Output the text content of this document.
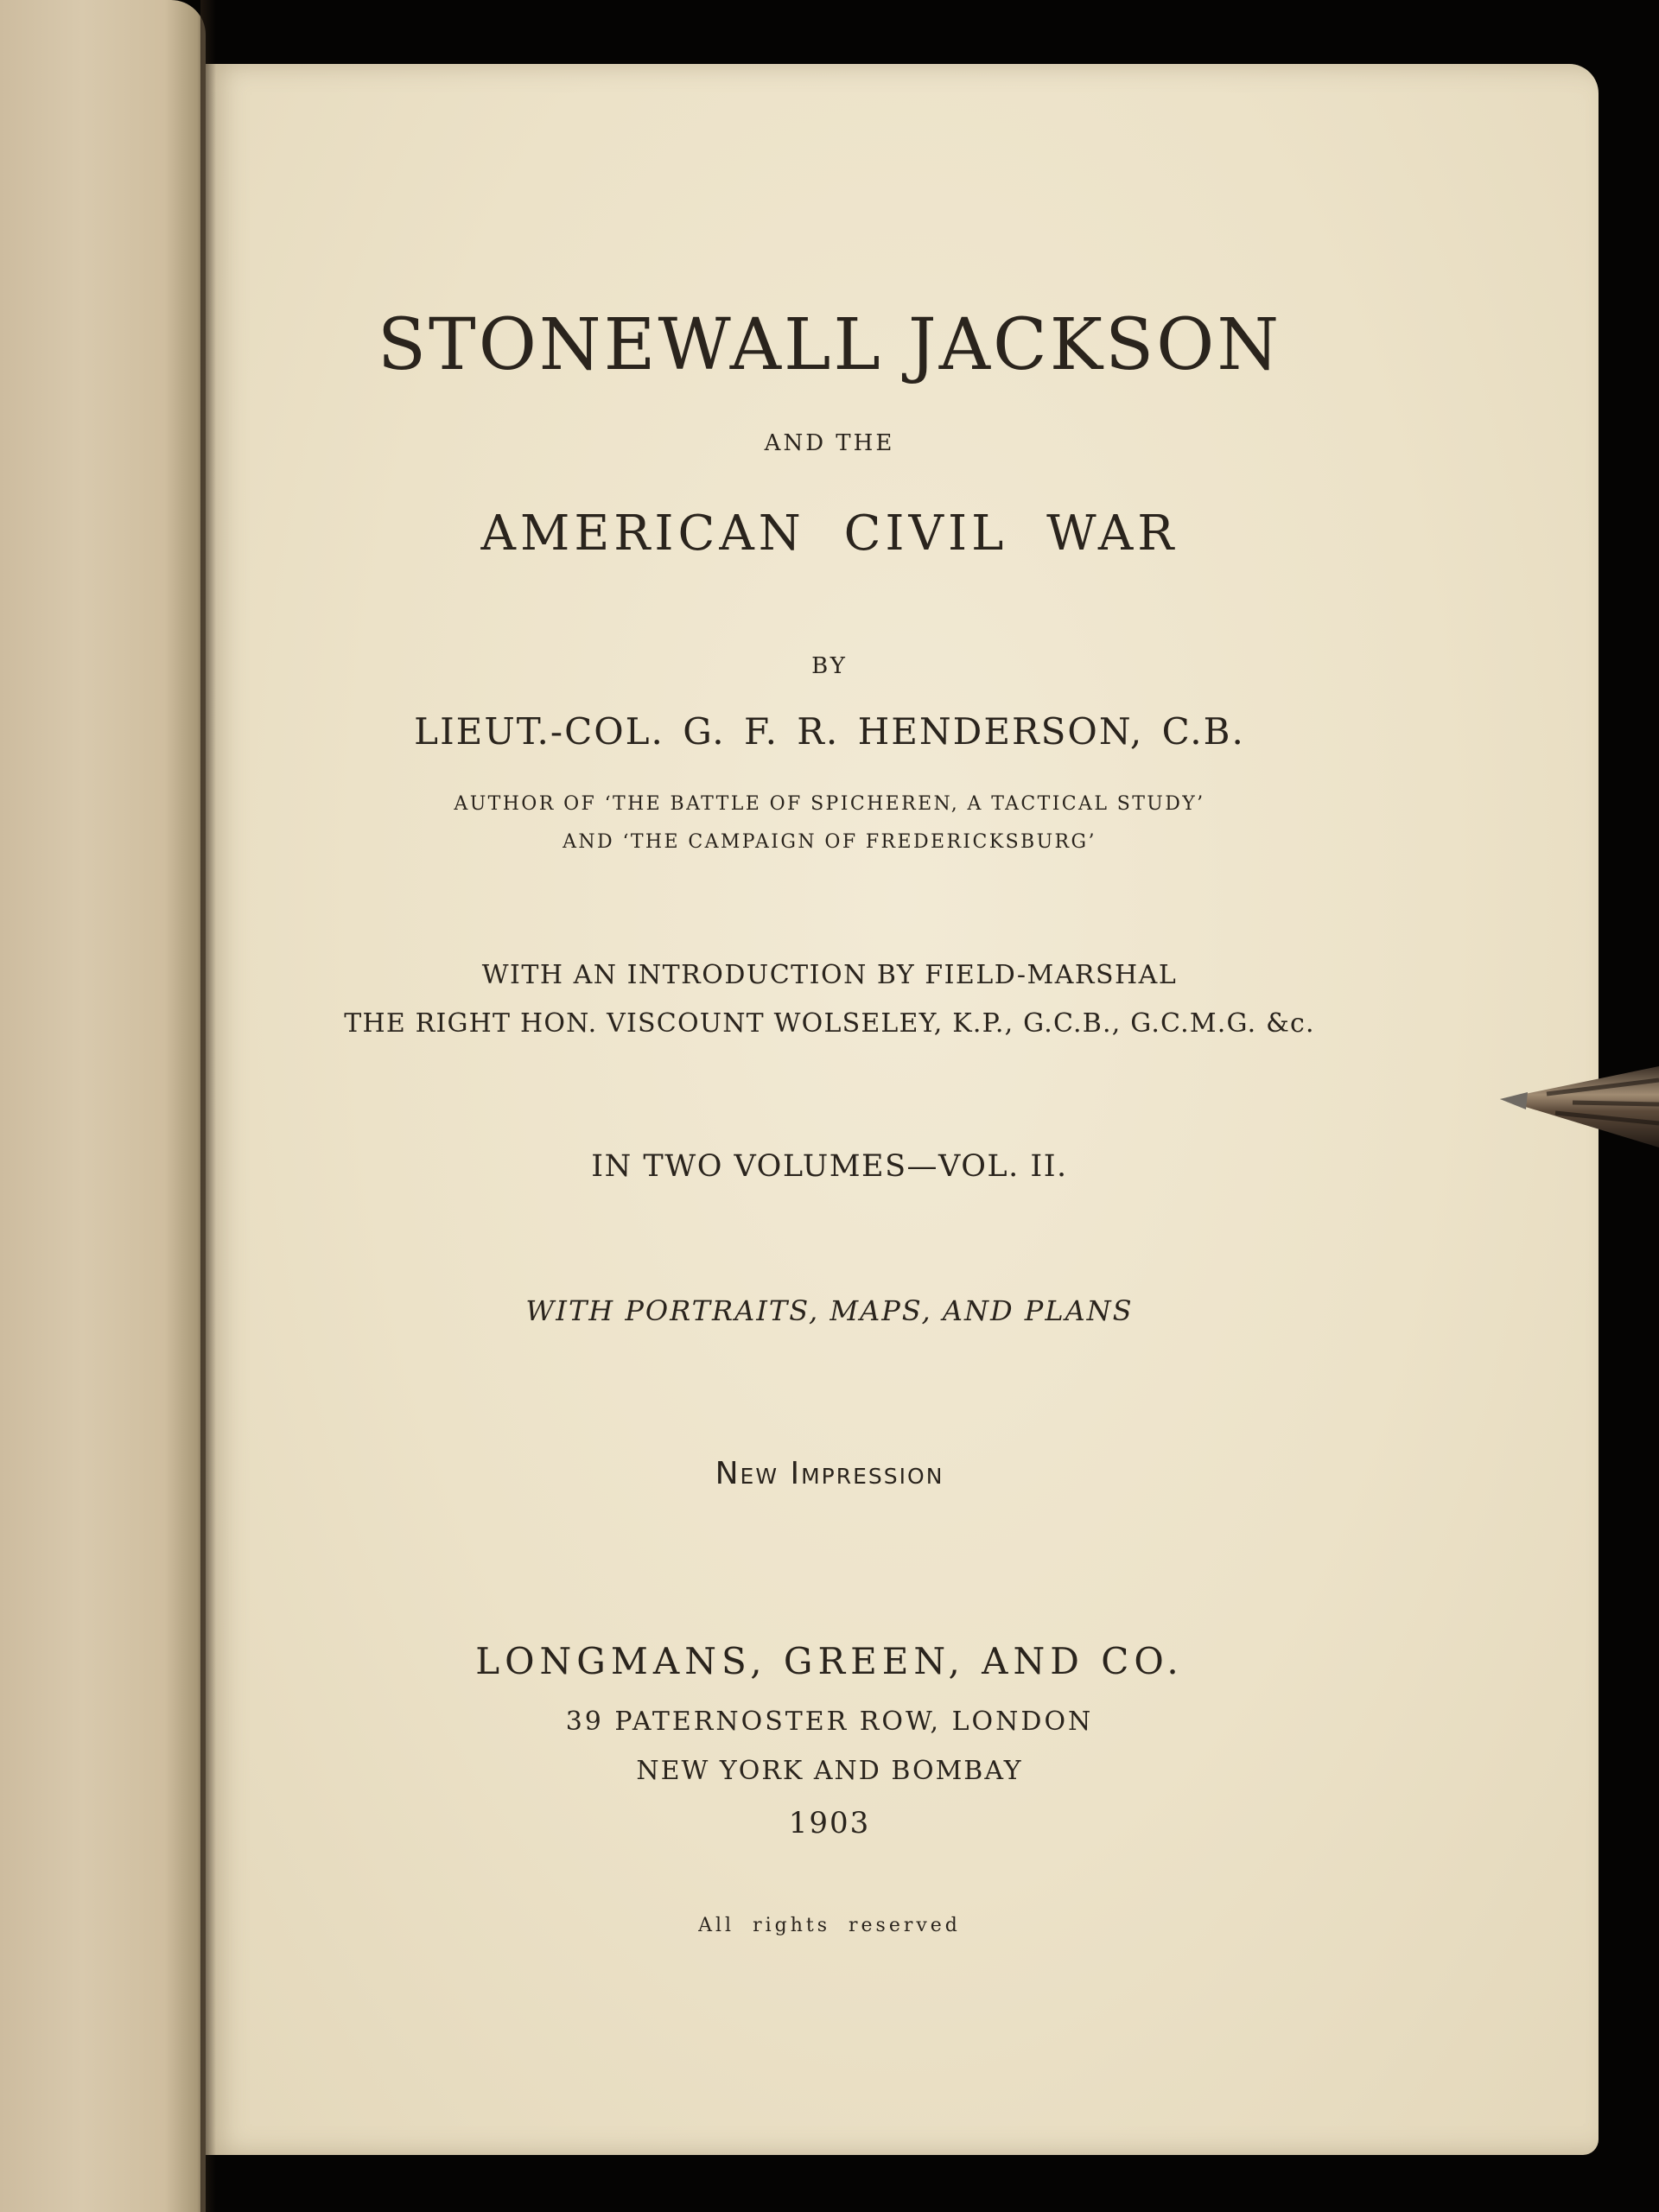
STONEWALL JACKSON
AND THE
AMERICAN CIVIL WAR
BY
LIEUT.-COL. G. F. R. HENDERSON, C.B.
AUTHOR OF ‘THE BATTLE OF SPICHEREN, A TACTICAL STUDY’
AND ‘THE CAMPAIGN OF FREDERICKSBURG’
WITH AN INTRODUCTION BY FIELD-MARSHAL
THE RIGHT HON. VISCOUNT WOLSELEY, K.P., G.C.B., G.C.M.G. &c.
IN TWO VOLUMES—VOL. II.
WITH PORTRAITS, MAPS, AND PLANS
New Impression
LONGMANS, GREEN, AND CO.
39 PATERNOSTER ROW, LONDON
NEW YORK AND BOMBAY
1903
All rights reserved
